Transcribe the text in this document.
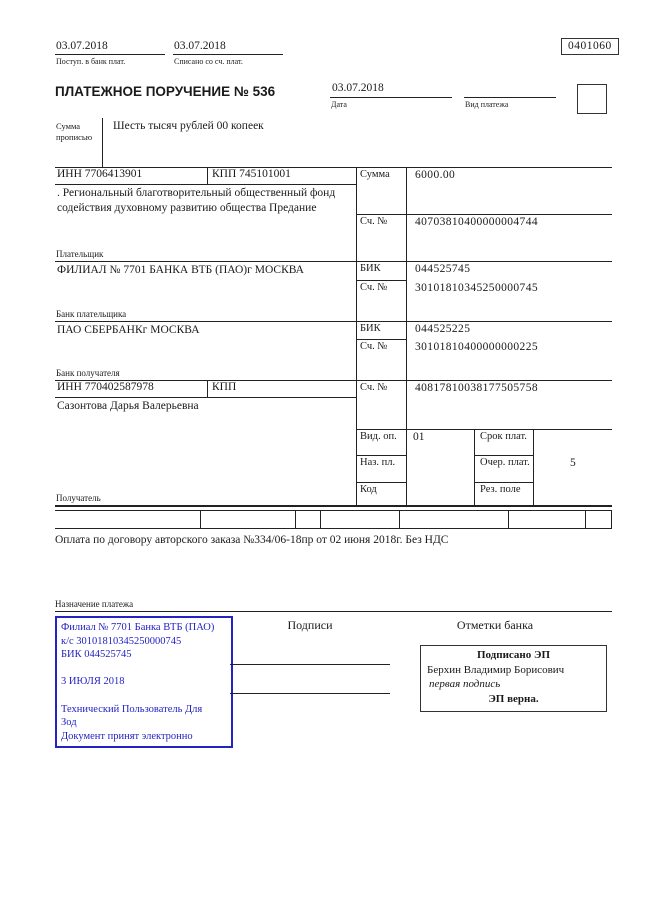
0401060
03.07.2018
Поступ. в банк плат.
03.07.2018
Списано со сч. плат.
ПЛАТЕЖНОЕ ПОРУЧЕНИЕ № 536	03.07.2018
Дата	Вид платежа
Сумма прописью
Шесть тысяч рублей 00 копеек
ИНН 7706413901	КПП 745101001
. Региональный благотворительный общественный фонд содействия духовному развитию общества Предание
Плательщик
ФИЛИАЛ № 7701 БАНКА ВТБ (ПАО)г МОСКВА
Банк плательщика
ПАО СБЕРБАНКг МОСКВА
Банк получателя
ИНН 770402587978	КПП
Сазонтова Дарья Валерьевна
Получатель
Сумма	6000.00
Сч. №	40703810400000004744
БИК	044525745
Сч. №	30101810345250000745
БИК	044525225
Сч. №	30101810400000000225
Сч. №	40817810038177505758
Вид. оп.	01	Срок плат.
Наз. пл.	Очер. плат.	5
Код	Рез. поле
Оплата по договору авторского заказа №334/06-18пр от 02 июня 2018г. Без НДС
Назначение платежа
Филиал № 7701 Банка ВТБ (ПАО)
к/с 30101810345250000745
БИК 044525745
3 ИЮЛЯ 2018
Технический Пользователь Для
Зод
Документ принят электронно
Подписи	Отметки банка
Подписано ЭП
Берхин Владимир Борисович
первая подпись
ЭП верна.
